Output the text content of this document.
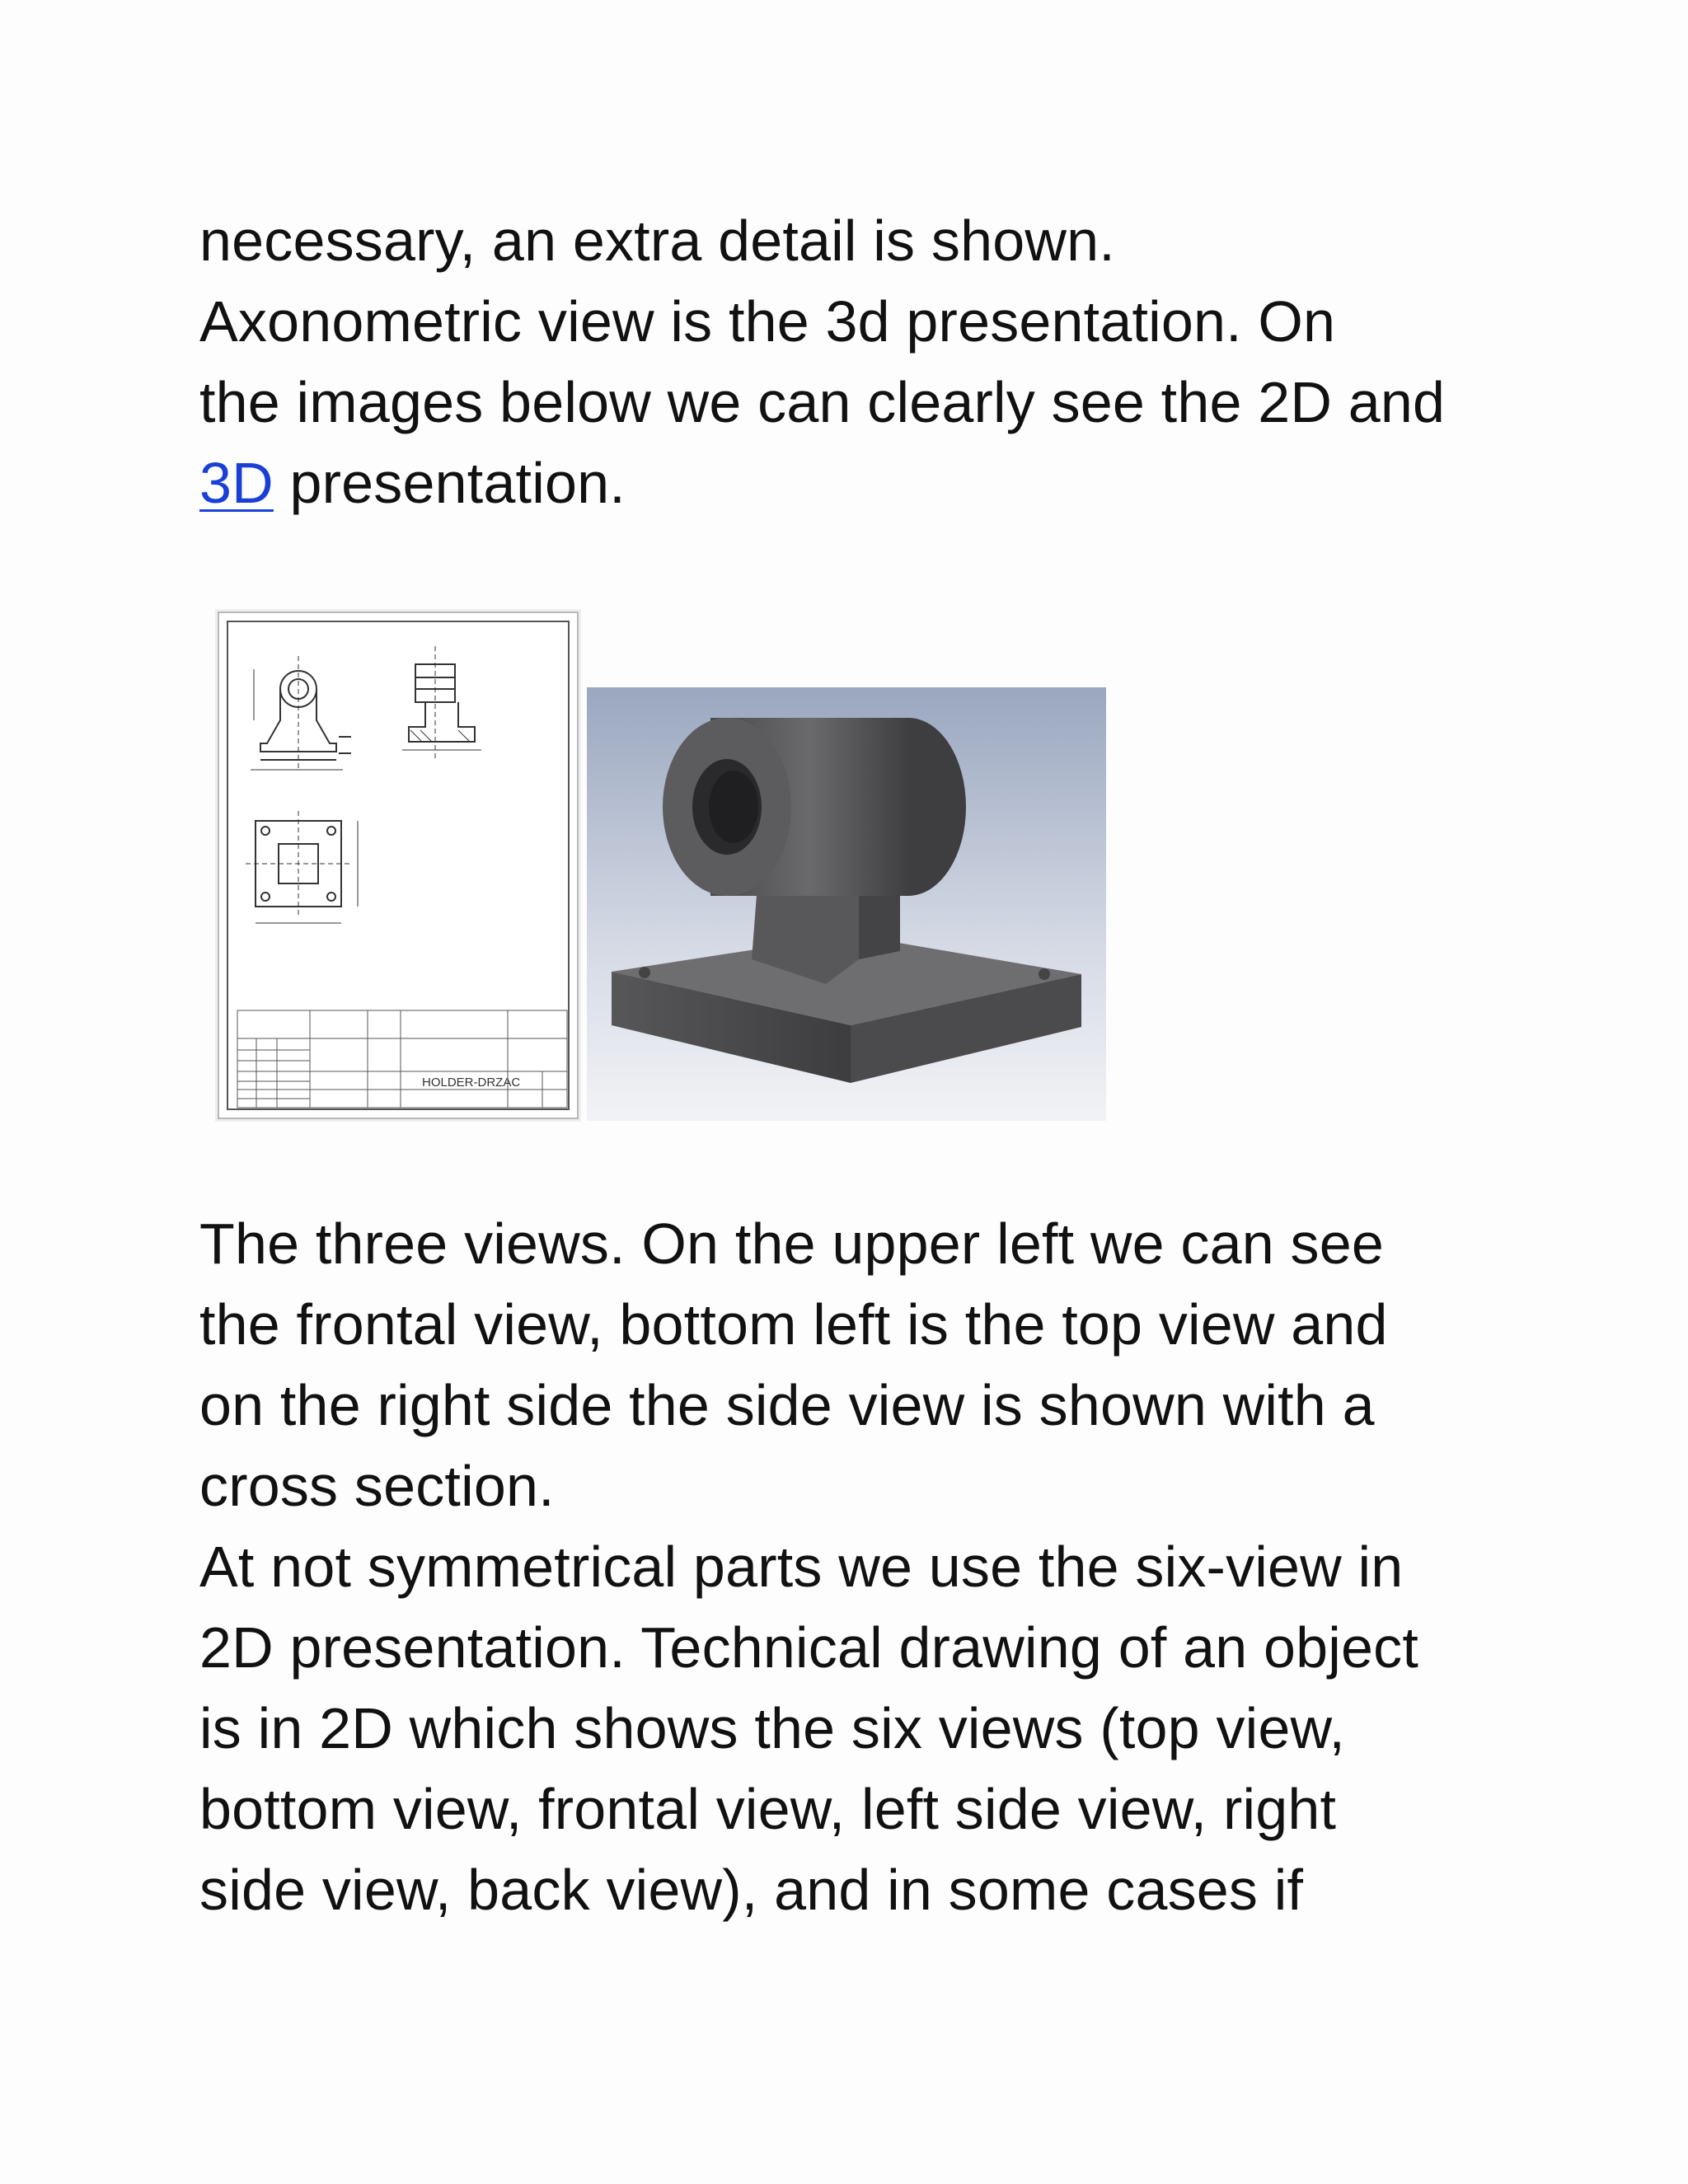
necessary, an extra detail is shown.

Axonometric view is the 3d presentation. On

the images below we can clearly see the 2D and

3D presentation.

HOLDER-DRZAC

The three views. On the upper left we can see

the frontal view, bottom left is the top view and

on the right side the side view is shown with a

cross section.

At not symmetrical parts we use the six-view in

2D presentation. Technical drawing of an object

is in 2D which shows the six views (top view,

bottom view, frontal view, left side view, right

side view, back view), and in some cases if
